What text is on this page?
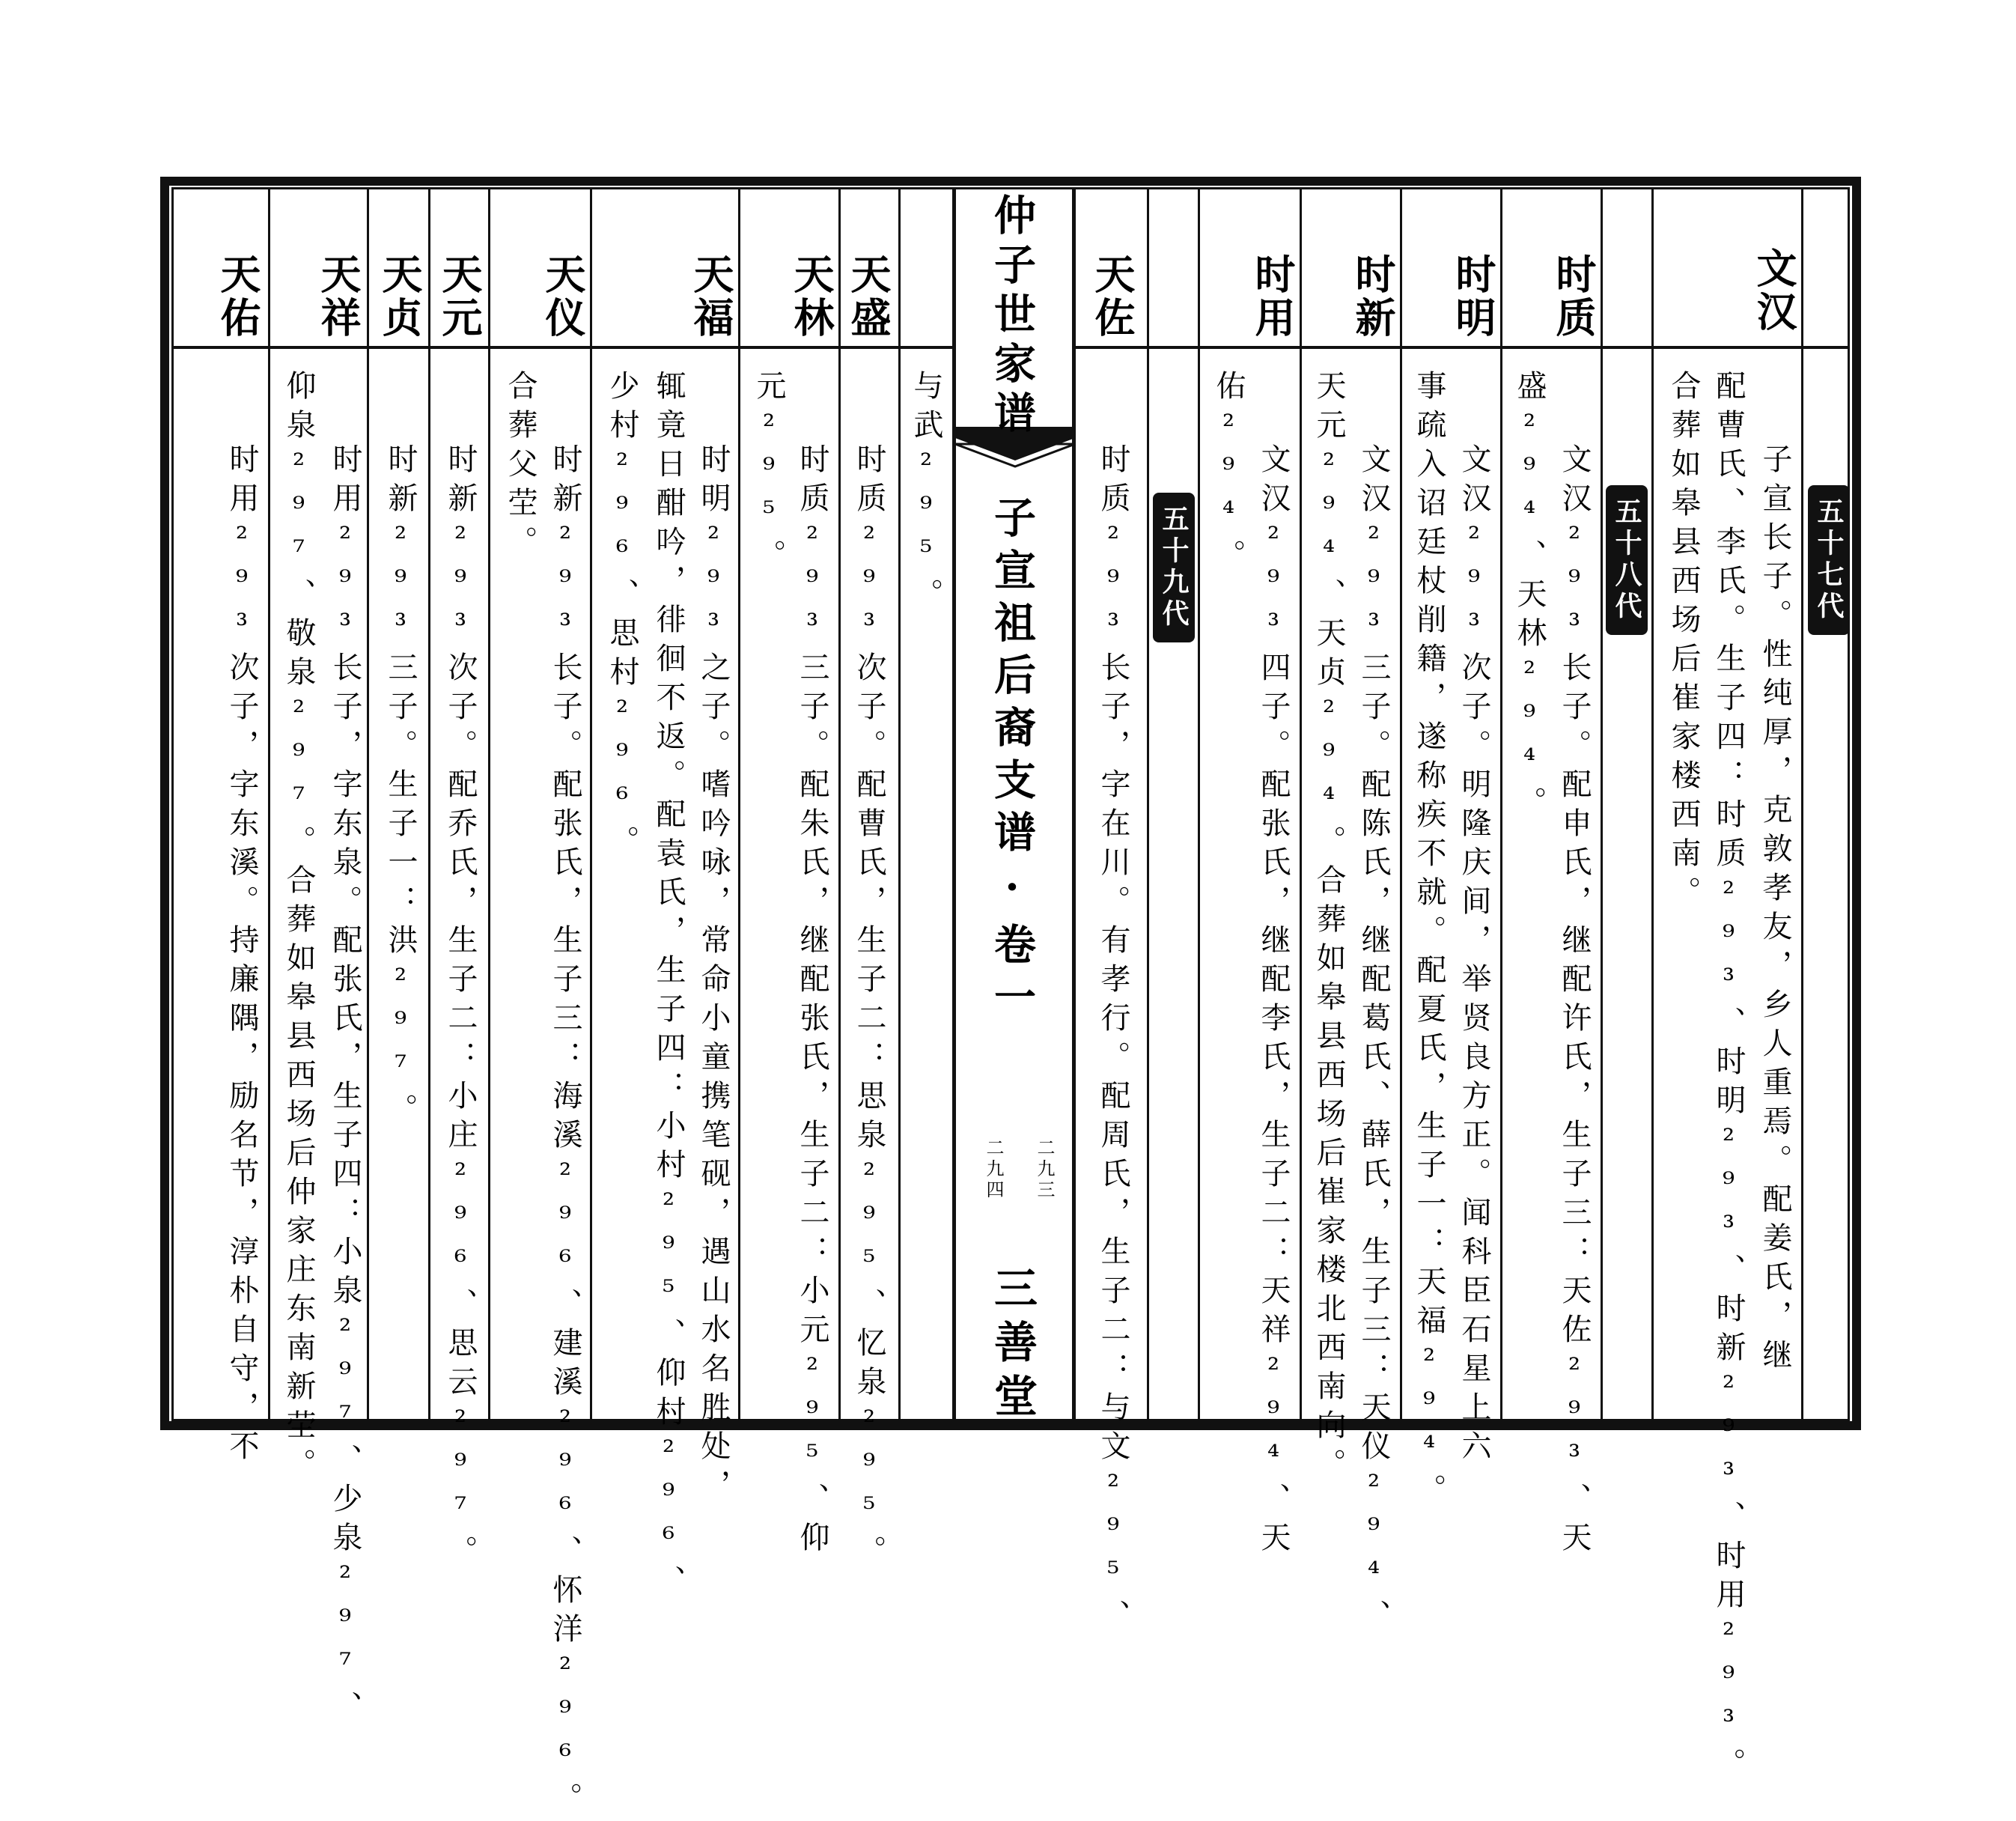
仲子世家谱
子宣祖后裔支谱·卷一
二九三
二九四
三善堂
五十七代
五十八代
五十九代
文汉
子宣长子。性纯厚，克敦孝友，乡人重焉。配姜氏，继
配曹氏、李氏。生子四：时质²⁹³、时明²⁹³、时新²⁹³、时用²⁹³。
合葬如皋县西场后崔家楼西南。
时质
文汉²⁹³长子。配申氏，继配许氏，生子三：天佐²⁹³、天
盛²⁹⁴、天林²⁹⁴。
时明
文汉²⁹³次子。明隆庆间，举贤良方正。闻科臣石星上六
事疏入诏廷杖削籍，遂称疾不就。配夏氏，生子一：天福²⁹⁴。
时新
文汉²⁹³三子。配陈氏，继配葛氏、薛氏，生子三：天仪²⁹⁴、
天元²⁹⁴、天贞²⁹⁴。合葬如皋县西场后崔家楼北西南向。
时用
文汉²⁹³四子。配张氏，继配李氏，生子二：天祥²⁹⁴、天
佑²⁹⁴。
天佐
时质²⁹³长子，字在川。有孝行。配周氏，生子二：与文²⁹⁵、
与武²⁹⁵。
天盛
时质²⁹³次子。配曹氏，生子二：思泉²⁹⁵、忆泉²⁹⁵。
天林
时质²⁹³三子。配朱氏，继配张氏，生子二：小元²⁹⁵、仰
元²⁹⁵。
天福
时明²⁹³之子。嗜吟咏，常命小童携笔砚，遇山水名胜处，
辄竟日酣吟，徘徊不返。配袁氏，生子四：小村²⁹⁵、仰村²⁹⁶、
少村²⁹⁶、思村²⁹⁶。
天仪
时新²⁹³长子。配张氏，生子三：海溪²⁹⁶、建溪²⁹⁶、怀洋²⁹⁶。
合葬父茔。
天元
时新²⁹³次子。配乔氏，生子二：小庄²⁹⁶、思云²⁹⁷。
天贞
时新²⁹³三子。生子一：洪²⁹⁷。
天祥
时用²⁹³长子，字东泉。配张氏，生子四：小泉²⁹⁷、少泉²⁹⁷、
仰泉²⁹⁷、敬泉²⁹⁷。合葬如皋县西场后仲家庄东南新茔。
天佑
时用²⁹³次子，字东溪。持廉隅，励名节，淳朴自守，不
